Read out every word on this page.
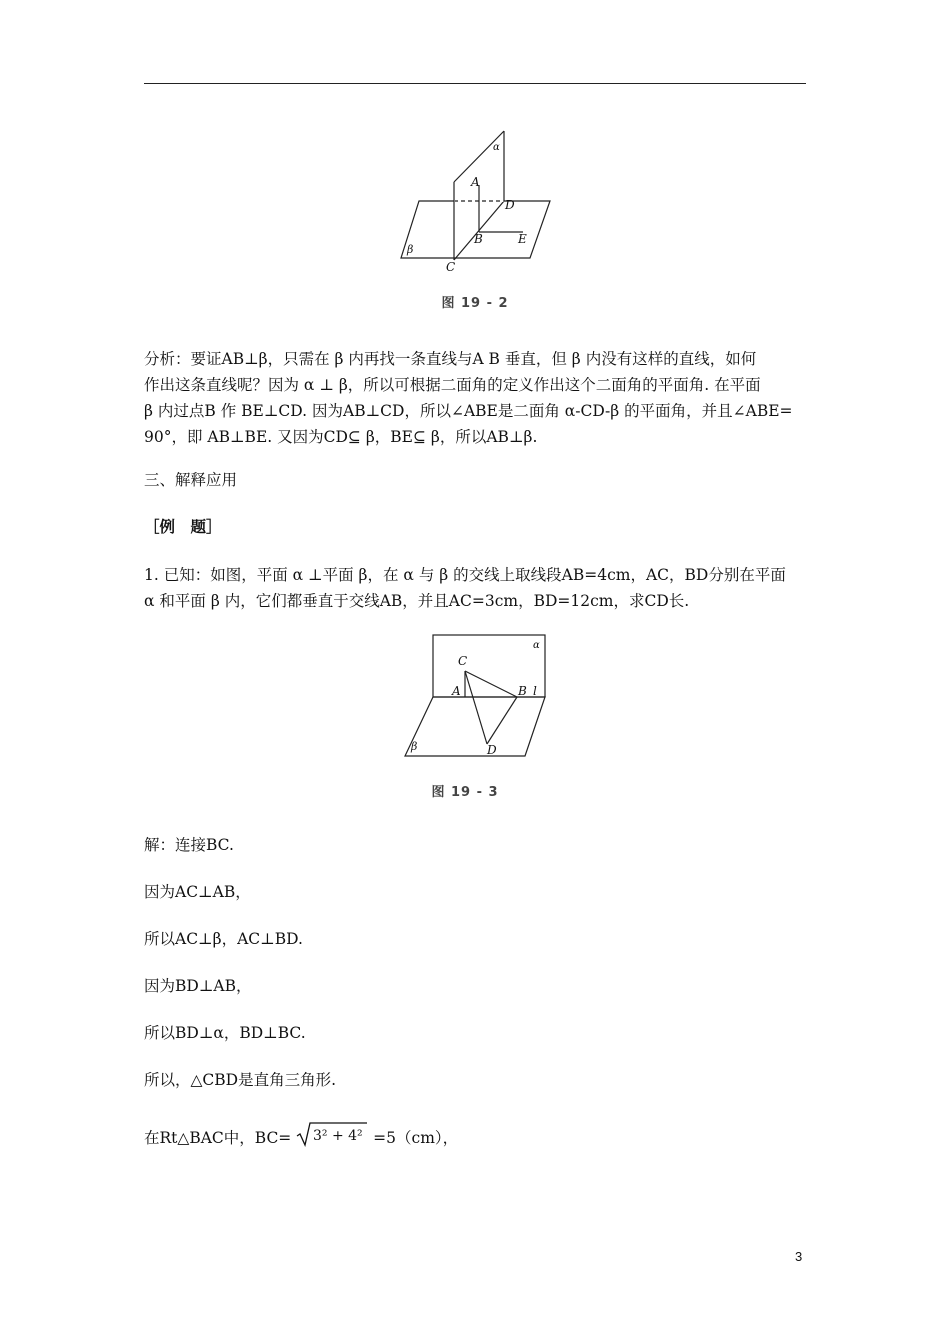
α
A
D
B	E
β
C
图 19 - 2
分析：要证AB⊥β，只需在 β 内再找一条直线与A B 垂直，但 β 内没有这样的直线，如何
作出这条直线呢？因为 α ⊥ β，所以可根据二面角的定义作出这个二面角的平面角. 在平面
β 内过点B 作 BE⊥CD. 因为AB⊥CD，所以∠ABE是二面角 α-CD-β 的平面角，并且∠ABE=
90°，即 AB⊥BE. 又因为CD⊆ β，BE⊆ β，所以AB⊥β.
三、解释应用
［例　题］
1. 已知：如图，平面 α ⊥平面 β，在 α 与 β 的交线上取线段AB=4cm，AC，BD分别在平面
α 和平面 β 内，它们都垂直于交线AB，并且AC=3cm，BD=12cm，求CD长.
α
C
A	B l
D
β
图 19 - 3
解：连接BC.
因为AC⊥AB，
所以AC⊥β，AC⊥BD.
因为BD⊥AB，
所以BD⊥α，BD⊥BC.
所以，△CBD是直角三角形.
在Rt△BAC中，BC= 3² + 4² =5（cm），
3
